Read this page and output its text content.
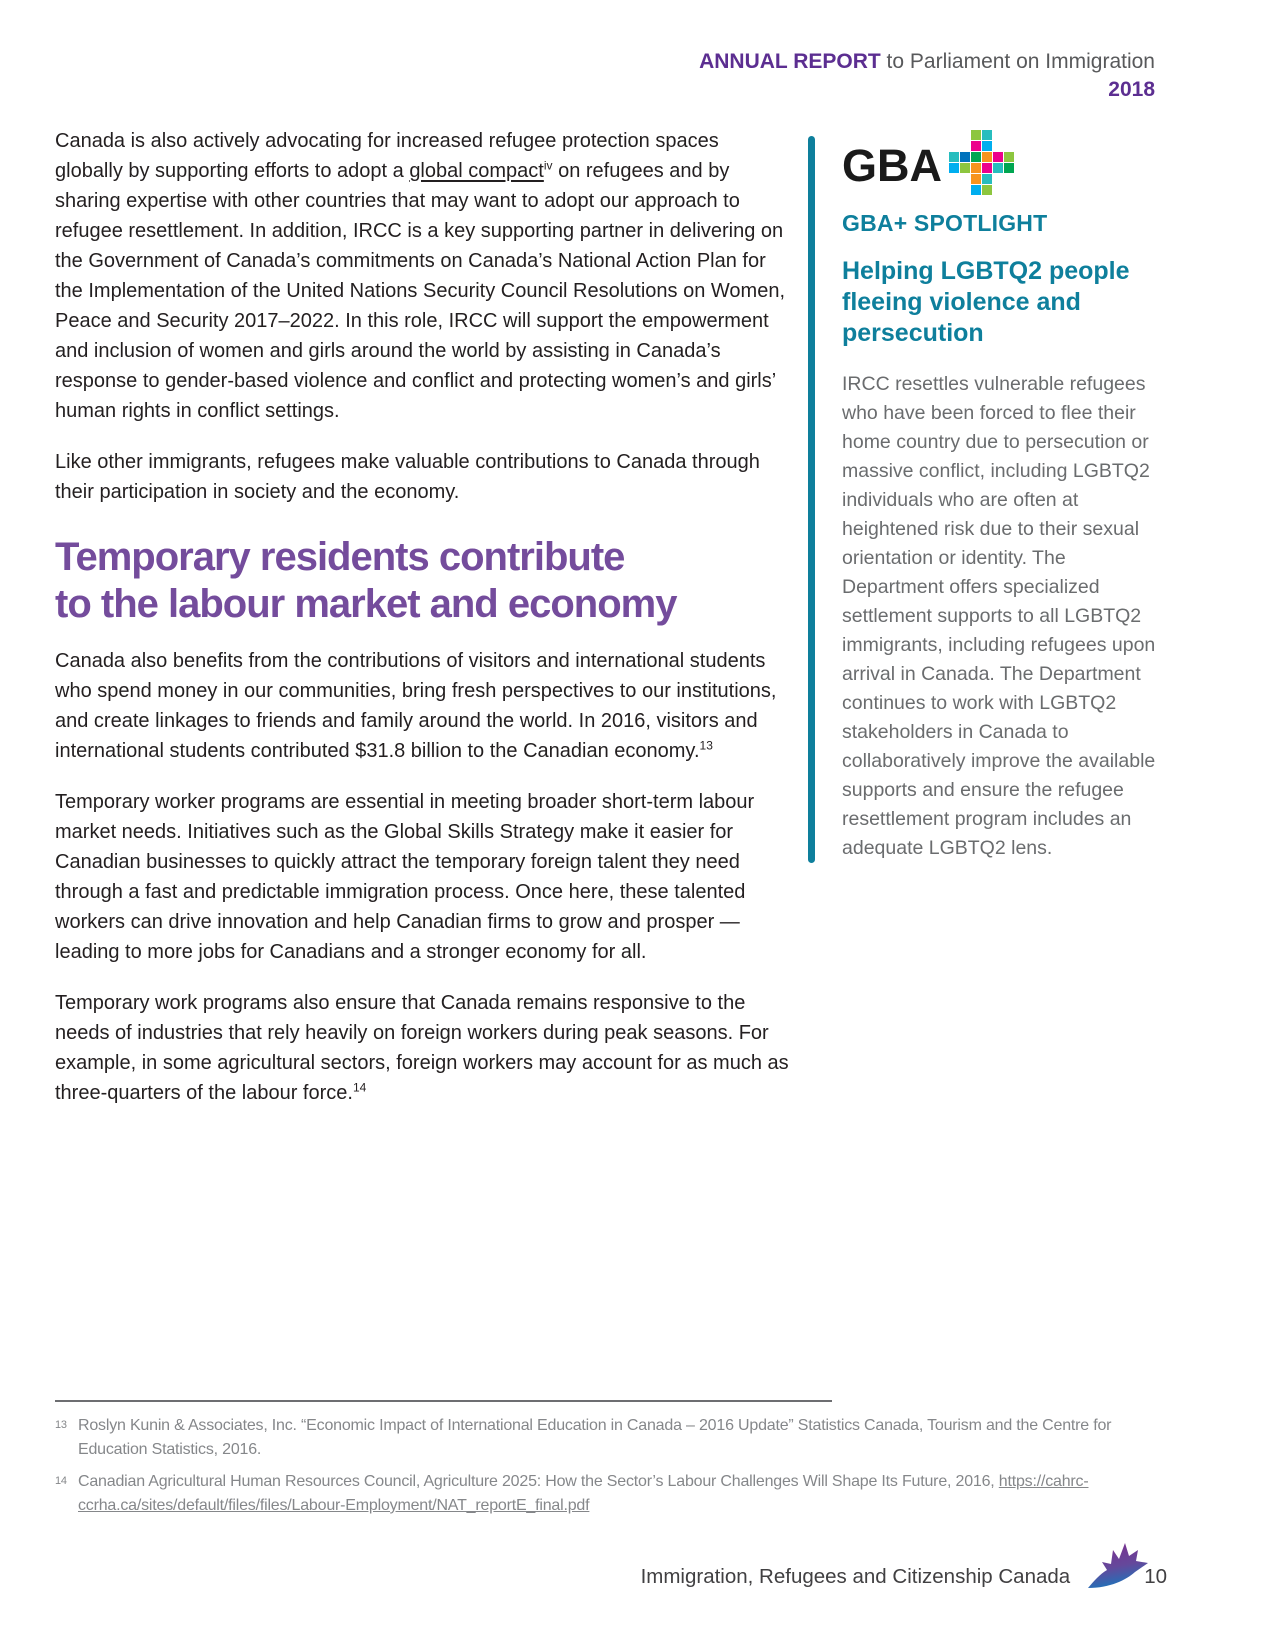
ANNUAL REPORT to Parliament on Immigration
2018

Canada is also actively advocating for increased refugee protection spaces globally by supporting efforts to adopt a global compact$^{iv}$ on refugees and by sharing expertise with other countries that may want to adopt our approach to refugee resettlement. In addition, IRCC is a key supporting partner in delivering on the Government of Canada’s commitments on Canada’s National Action Plan for the Implementation of the United Nations Security Council Resolutions on Women, Peace and Security 2017–2022. In this role, IRCC will support the empowerment and inclusion of women and girls around the world by assisting in Canada’s response to gender-based violence and conflict and protecting women’s and girls’ human rights in conflict settings.

Like other immigrants, refugees make valuable contributions to Canada through their participation in society and the economy.

Temporary residents contribute
to the labour market and economy

Canada also benefits from the contributions of visitors and international students who spend money in our communities, bring fresh perspectives to our institutions, and create linkages to friends and family around the world. In 2016, visitors and international students contributed $31.8 billion to the Canadian economy.$^{13}$

Temporary worker programs are essential in meeting broader short-term labour market needs. Initiatives such as the Global Skills Strategy make it easier for Canadian businesses to quickly attract the temporary foreign talent they need through a fast and predictable immigration process. Once here, these talented workers can drive innovation and help Canadian firms to grow and prosper — leading to more jobs for Canadians and a stronger economy for all.

Temporary work programs also ensure that Canada remains responsive to the needs of industries that rely heavily on foreign workers during peak seasons. For example, in some agricultural sectors, foreign workers may account for as much as three-quarters of the labour force.$^{14}$

GBA
GBA+ SPOTLIGHT
Helping LGBTQ2 people fleeing violence and persecution
IRCC resettles vulnerable refugees who have been forced to flee their home country due to persecution or massive conflict, including LGBTQ2 individuals who are often at heightened risk due to their sexual orientation or identity. The Department offers specialized settlement supports to all LGBTQ2 immigrants, including refugees upon arrival in Canada. The Department continues to work with LGBTQ2 stakeholders in Canada to collaboratively improve the available supports and ensure the refugee resettlement program includes an adequate LGBTQ2 lens.
13 Roslyn Kunin & Associates, Inc. “Economic Impact of International Education in Canada – 2016 Update” Statistics Canada, Tourism and the Centre for Education Statistics, 2016.
14 Canadian Agricultural Human Resources Council, Agriculture 2025: How the Sector’s Labour Challenges Will Shape Its Future, 2016, https://cahrc-ccrha.ca/sites/default/files/files/Labour-Employment/NAT_reportE_final.pdf
Immigration, Refugees and Citizenship Canada	10
